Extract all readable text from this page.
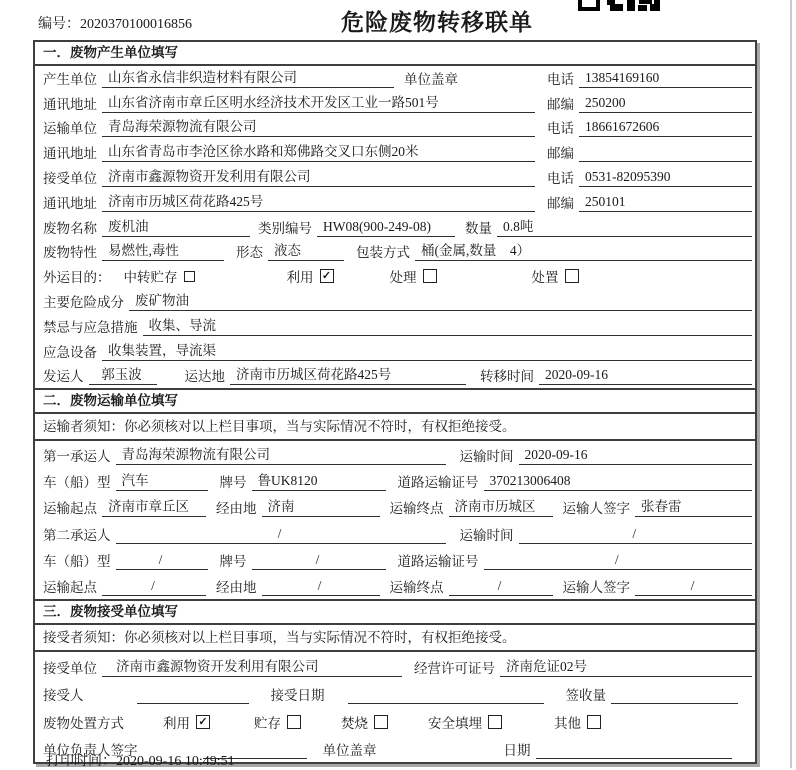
编号：2020370100016856	危险废物转移联单
一．废物产生单位填写
产生单位 山东省永信非织造材料有限公司	单位盖章	电话 13854169160
通讯地址 山东省济南市章丘区明水经济技术开发区工业一路501号	邮编 250200
运输单位 青岛海荣源物流有限公司	电话 18661672606
通讯地址 山东省青岛市李沧区徐水路和郑佛路交叉口东侧20米	邮编
接受单位 济南市鑫源物资开发利用有限公司	电话 0531-82095390
通讯地址 济南市历城区荷花路425号	邮编 250101
废物名称 废机油	类别编号 HW08(900-249-08)	数量 0.8吨
废物特性 易燃性,毒性	形态 液态	包装方式 桶(金属,数量　4）
外运目的： 中转贮存	利用 ✓	处理	处置
主要危险成分 废矿物油
禁忌与应急措施 收集、导流
应急设备 收集装置，导流渠
发运人	郭玉波	运达地 济南市历城区荷花路425号	转移时间 2020-09-16
二．废物运输单位填写
运输者须知：你必须核对以上栏目事项，当与实际情况不符时，有权拒绝接受。
第一承运人 青岛海荣源物流有限公司	运输时间 2020-09-16
车（船）型 汽车	牌号 鲁UK8120	道路运输证号 370213006408
运输起点 济南市章丘区	经由地 济南	运输终点 济南市历城区	运输人签字 张春雷
第二承运人	/	运输时间	/
车（船）型	/	牌号	/	道路运输证号	/
运输起点	/	经由地	/	运输终点	/	运输人签字	/
三．废物接受单位填写
接受者须知：你必须核对以上栏目事项，当与实际情况不符时，有权拒绝接受。
接受单位	济南市鑫源物资开发利用有限公司	经营许可证号 济南危证02号
接受人	接受日期	签收量
废物处置方式	利用 ✓	贮存	焚烧	安全填埋	其他
单位负责人签字	单位盖章	日期
打印时间：2020-09-16 10:49:51
